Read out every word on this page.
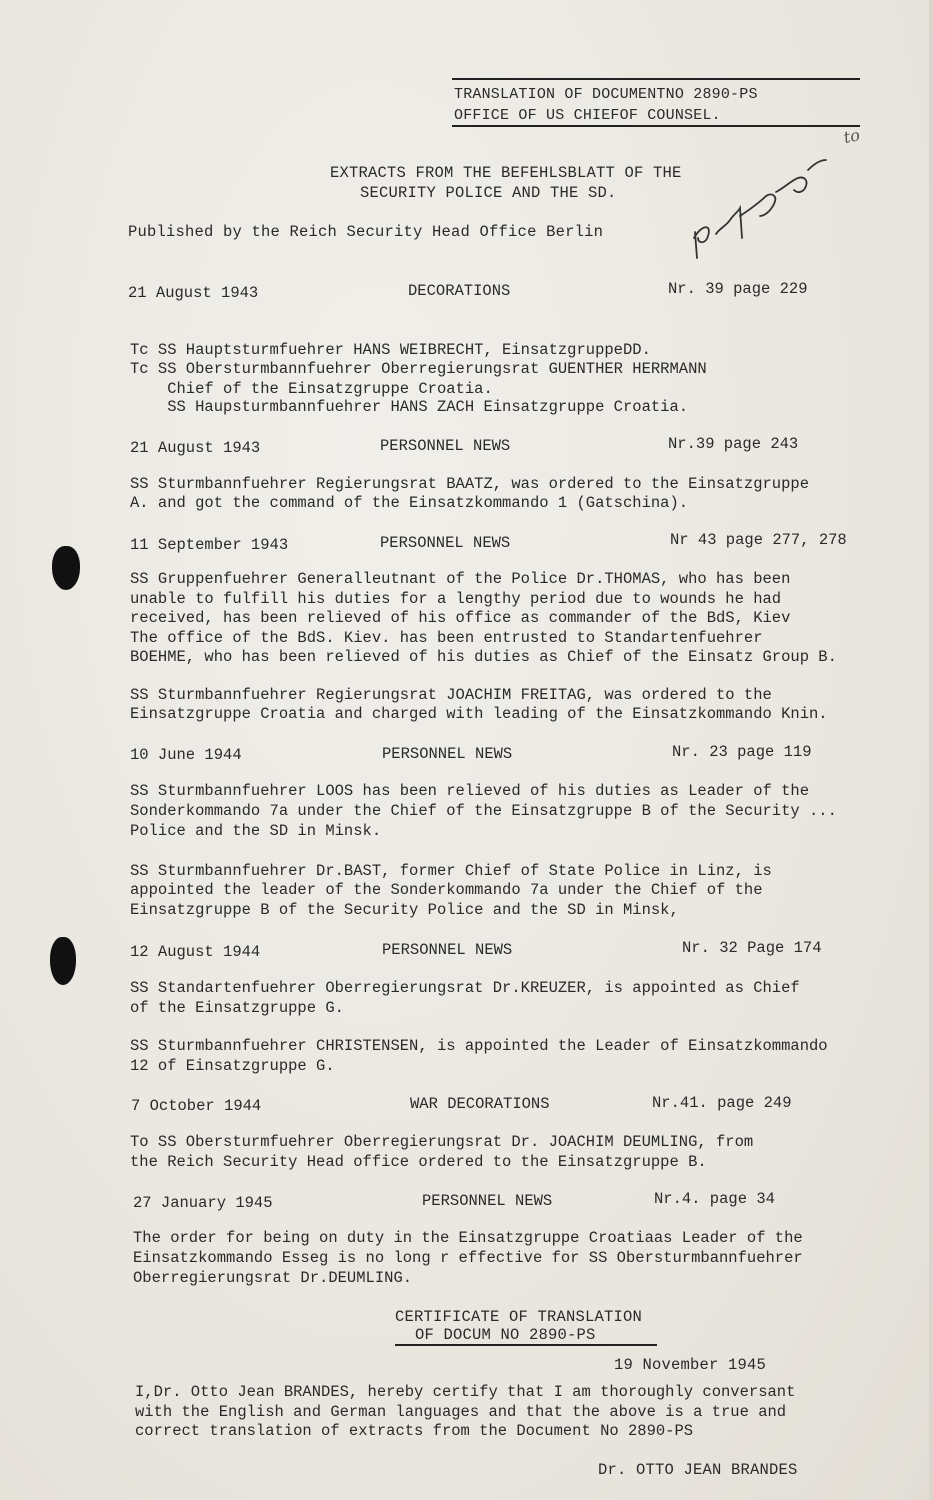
TRANSLATION OF DOCUMENTNO 2890-PS
OFFICE OF US CHIEFOF COUNSEL.
to
EXTRACTS FROM THE BEFEHLSBLATT OF THE
SECURITY POLICE AND THE SD.
Published by the Reich Security Head Office Berlin
21 August 1943	DECORATIONS	Nr. 39 page 229
Tc SS Hauptsturmfuehrer HANS WEIBRECHT, EinsatzgruppeDD.
Tc SS Obersturmbannfuehrer Oberregierungsrat GUENTHER HERRMANN
Chief of the Einsatzgruppe Croatia.
SS Haupsturmbannfuehrer HANS ZACH Einsatzgruppe Croatia.
21 August 1943	PERSONNEL NEWS	Nr.39 page 243
SS Sturmbannfuehrer Regierungsrat BAATZ, was ordered to the Einsatzgruppe
A. and got the command of the Einsatzkommando 1 (Gatschina).
11 September 1943	PERSONNEL NEWS	Nr 43 page 277, 278
SS Gruppenfuehrer Generalleutnant of the Police Dr.THOMAS, who has been
unable to fulfill his duties for a lengthy period due to wounds he had
received, has been relieved of his office as commander of the BdS, Kiev
The office of the BdS. Kiev. has been entrusted to Standartenfuehrer
BOEHME, who has been relieved of his duties as Chief of the Einsatz Group B.
SS Sturmbannfuehrer Regierungsrat JOACHIM FREITAG, was ordered to the
Einsatzgruppe Croatia and charged with leading of the Einsatzkommando Knin.
10 June 1944	PERSONNEL NEWS	Nr. 23 page 119
SS Sturmbannfuehrer LOOS has been relieved of his duties as Leader of the
Sonderkommando 7a under the Chief of the Einsatzgruppe B of the Security ...
Police and the SD in Minsk.
SS Sturmbannfuehrer Dr.BAST, former Chief of State Police in Linz, is
appointed the leader of the Sonderkommando 7a under the Chief of the
Einsatzgruppe B of the Security Police and the SD in Minsk,
12 August 1944	PERSONNEL NEWS	Nr. 32 Page 174
SS Standartenfuehrer Oberregierungsrat Dr.KREUZER, is appointed as Chief
of the Einsatzgruppe G.
SS Sturmbannfuehrer CHRISTENSEN, is appointed the Leader of Einsatzkommando
12 of Einsatzgruppe G.
7 October 1944	WAR DECORATIONS	Nr.41. page 249
To SS Obersturmfuehrer Oberregierungsrat Dr. JOACHIM DEUMLING, from
the Reich Security Head office ordered to the Einsatzgruppe B.
27 January 1945	PERSONNEL NEWS	Nr.4. page 34
The order for being on duty in the Einsatzgruppe Croatiaas Leader of the
Einsatzkommando Esseg is no long r effective for SS Obersturmbannfuehrer
Oberregierungsrat Dr.DEUMLING.
CERTIFICATE OF TRANSLATION
OF DOCUM NO 2890-PS
19 November 1945
I,Dr. Otto Jean BRANDES, hereby certify that I am thoroughly conversant
with the English and German languages and that the above is a true and
correct translation of extracts from the Document No 2890-PS
Dr. OTTO JEAN BRANDES
